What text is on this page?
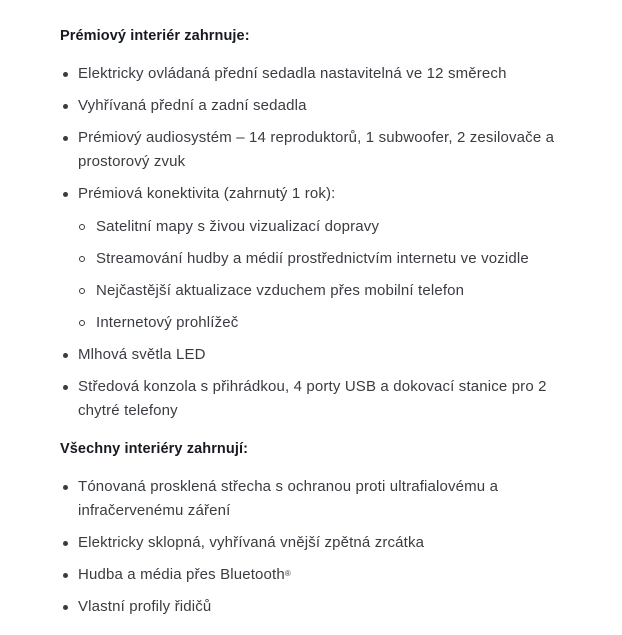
Prémiový interiér zahrnuje:
Elektricky ovládaná přední sedadla nastavitelná ve 12 směrech
Vyhřívaná přední a zadní sedadla
Prémiový audiosystém – 14 reproduktorů, 1 subwoofer, 2 zesilovače a prostorový zvuk
Prémiová konektivita (zahrnutý 1 rok):
Satelitní mapy s živou vizualizací dopravy
Streamování hudby a médií prostřednictvím internetu ve vozidle
Nejčastější aktualizace vzduchem přes mobilní telefon
Internetový prohlížeč
Mlhová světla LED
Středová konzola s přihrádkou, 4 porty USB a dokovací stanice pro 2 chytré telefony
Všechny interiéry zahrnují:
Tónovaná prosklená střecha s ochranou proti ultrafialovému a infračervenému záření
Elektricky sklopná, vyhřívaná vnější zpětná zrcátka
Hudba a média přes Bluetooth®
Vlastní profily řidičů
